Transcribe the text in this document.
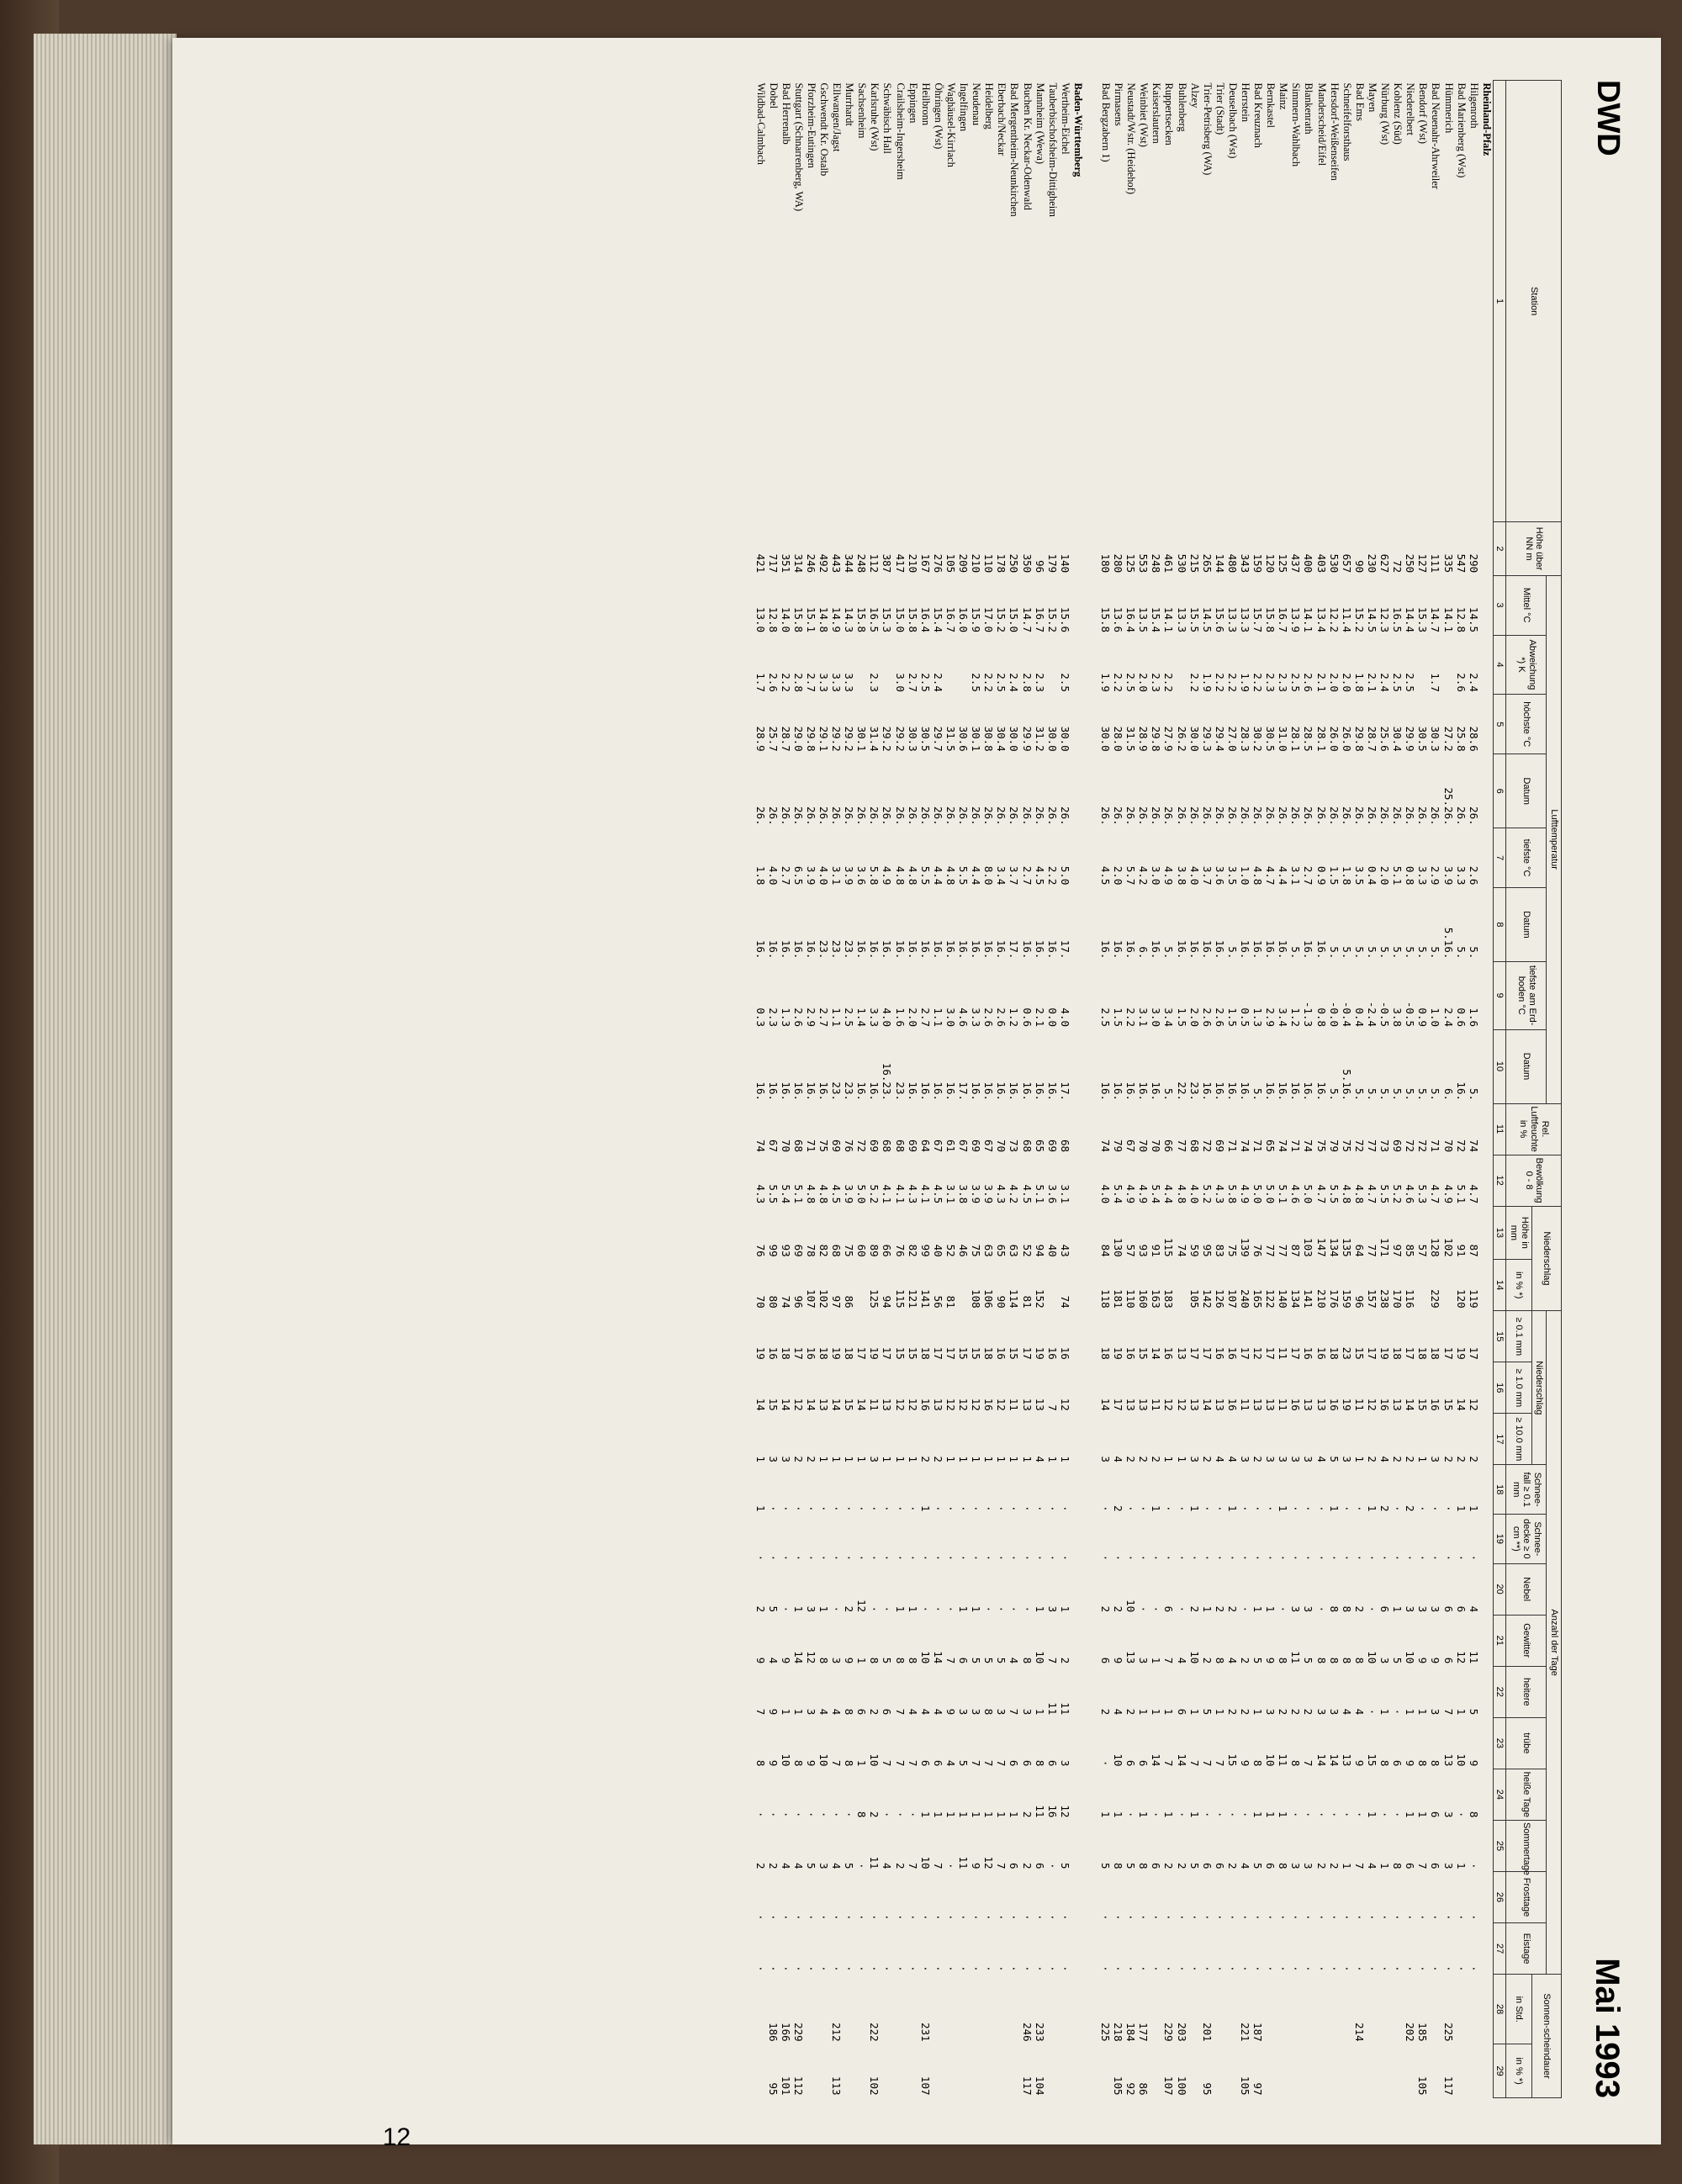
12
DWD
Mai 1993
Station	Höhe über NN m	Lufttemperatur								Rel. Luftfeuchte in %	Bewölkung 0 - 8	Niederschlag		Anzahl der Tage													Sonnen-scheindauer	
		Mittel °C	Abweichung *) K	höchste °C	Datum	tiefste °C	Datum	tiefste am Erd-boden °C	Datum					Niederschlag			Schnee-fall ≥ 0.1 mm	Schnee-decke ≥ 0 cm **)	Nebel	Gewitter	heitere	trübe	heiße Tage	Sommertage	Frosttage	Eistage		
												Höhe in mm	in % *)	≥ 0.1 mm	≥ 1.0 mm	≥ 10.0 mm											in Std.	in % *)
1	2	3	4	5	6	7	8	9	10	11	12	13	14	15	16	17	18	19	20	21	22	23	24	25	26	27	28	29
Rheinland-Pfalz																												
Hilgenroth	290	14.5	2.4	28.6	26.	2.6	5.	1.6	5.	74	4.7	87	119	17	12	2	1	·	4	11	5	9	8	·	·	·		
Bad Marienberg (Wst)	547	12.8	2.6	25.8	26.	3.3	5.	0.6	16.	72	5.1	91	120	19	14	2	1	·	6	12	1	10	·	1	·	·		
Hümmerich	335	14.1		27.2	25.26.	3.9	5.16.	2.4	6.	70	4.9	102		17	15	2	·	·	6	6	7	13	3	3	·	·	225	117
Bad Neuenahr-Ahrweiler	111	14.7	1.7	30.3	26.	2.9	5.	1.0	5.	71	4.7	128	229	18	16	3	·	·	3	9	3	8	6	6	·	·		
Bendorf (Wst)	127	15.3		30.5	26.	3.3	5.	0.9	5.	72	5.3	57		18	15	1	·	·	3	9	1	8	1	7	·	·	185	105
Niederelbert	250	14.4	2.5	29.9	26.	0.8	5.	-0.5	5.	72	4.6	85	116	17	14	2	2	·	3	10	1	9	1	6	·	·	202	
Koblenz (Süd)	72	16.5	2.5	30.4	26.	5.1	5.	3.8	5.	69	5.2	97	170	18	13	2	·	·	1	5	·	6	·	8	·	·		
Nürburg (Wst)	627	12.3	2.4	25.6	26.	2.0	5.	-0.5	5.	73	5.5	171	238	19	16	4	2	·	6	3	1	8	·	1	·	·		
Mayen	230	14.5	2.1	28.7	26.	0.4	5.	-2.4	5.	77	4.7	77	157	17	12	2	1	·	·	10	·	15	1	4	·	·		
Bad Ems	90	15.2	1.8	29.8	26.	3.5	5.	0.4	5.	72	4.8	64	96	15	11	1	·	·	2	8	4	9	·	7	·	·	214	
Schneifelforsthaus	657	11.4	2.0	26.0	26.	1.8	5.	-0.4	5.16.	75	4.8	135	159	23	19	3	·	·	8	8	4	13	·	1	·	·		
Hersdorf-Weißenseifen	530	12.2	2.0	26.0	26.	1.5	5.	-0.0	5.	79	5.5	134	176	18	16	5	1	·	8	8	3	14	·	2	·	·		
Manderscheid/Eifel	403	13.4	2.1	28.1	26.	0.9	16.	0.8	16.	75	4.7	147	210	16	13	4	·	·	·	8	3	14	·	2	·	·		
Blankenrath	400	14.1	2.6	28.5	26.	2.7	16.	-1.3	16.	74	5.0	103	141	16	13	3	·	·	3	5	2	7	·	3	·	·		
Simmern-Wahlbach	437	13.9	2.5	28.1	26.	3.1	5.	1.2	16.	71	4.6	87	134	17	16	3	·	·	3	11	2	8	·	3	·	·		
Mainz	125	16.7	2.3	31.0	26.	4.4	16.	3.4	16.	74	5.1	77	140	11	11	3	1	·	·	8	2	11	1	8	·	·		
Bernkastel	120	15.8	2.3	30.5	26.	4.7	16.	2.9	16.	65	5.0	77	122	17	13	3	·	·	1	9	3	10	1	6	·	·		
Bad Kreuznach	159	15.7	2.2	30.2	26.	4.8	16.	1.3	5.	71	5.0	76	165	12	13	2	·	·	1	5	1	8	1	5	·	·	187	97
Herrstein	343	13.3	1.9	28.3	26.	1.0	16.	0.5	16.	74	4.9	139	240	17	11	3	·	·	·	2	2	9	·	4	·	·	221	105
Deuselbach (Wst)	480	13.3	2.2	27.0	26.	3.5	5.	1.5	16.	71	5.8	75	107	16	16	4	1	·	2	4	2	15	·	2	·	·		
Trier (Stadt)	144	15.6	2.2	29.4	26.	3.6	16.	2.6	16.	69	4.3	83	126	16	13	4	·	·	2	8	1	7	·	6	·	·		
Trier-Petrisberg (WA)	265	14.5	1.9	29.3	26.	3.7	16.	2.6	16.	72	5.2	95	142	17	14	2	·	·	1	2	5	7	·	6	·	·	201	95
Alzey	215	15.5	2.2	30.0	26.	4.0	16.	2.0	23.	68	4.0	59	105	17	13	3	1	·	2	10	1	7	1	5	·	·		
Buhlenberg	530	13.3		26.2	26.	3.8	16.	1.5	22.	77	4.8	74		13	12	1	·	·	·	4	6	14	·	2	·	·	203	100
Ruppertsecken	461	14.1	2.2	27.9	26.	4.9	5.	3.4	5.	66	4.4	115	183	16	12	1	·	·	6	7	1	7	1	2	·	·	229	107
Kaiserslautern	248	15.4	2.3	29.8	26.	3.0	16.	3.0	16.	70	5.4	91	163	14	11	2	1	·	·	1	1	14	·	6	·	·		
Weinbiet (Wst)	553	13.5	2.0	28.9	26.	4.2	6.	3.1	16.	70	4.9	93	160	15	13	2	·	·	·	3	1	6	1	8	·	·	177	86
Neustadt/Wstr. (Heidehof)	125	16.4	2.5	31.5	26.	5.7	16.	2.2	16.	67	4.9	57	110	16	13	2	·	·	10	13	2	6	·	5	·	·	184	92
Pirmasens	280	13.6	2.2	28.0	26.	2.0	16.	1.5	16.	79	5.4	130	181	19	17	4	2	·	2	9	4	10	1	8	·	·	218	105
Bad Bergzabern 1)	180	15.8	1.9	30.0	26.	4.5	16.	2.5	16.	74	4.0	84	118	18	14	3	·	·	2	6	2	·	1	5	·	·	225	

Baden-Württemberg																												
Wertheim-Eichel	140	15.6	2.5	30.0	26.	5.0	17.	4.0	17.	68	3.1	43	74	16	12	1	·	·	1	2	11	3	12	5	·	·		
Tauberbischofsheim-Dittigheim	179	15.2		30.0	26.	2.2	16.	0.0	16.	69	3.6	40		16	7	1	·	·	3	7	11	6	16	·	·	·		
Mannheim (Wewa)	96	16.7	2.3	31.2	26.	4.5	16.	2.1	16.	65	5.1	94	152	19	13	4	·	·	1	10	1	8	11	6	·	·	233	104
Buchen Kr. Neckar-Odenwald	350	14.7	2.8	29.9	26.	2.7	16.	0.6	16.	68	4.5	52	81	17	13	1	·	·	·	8	3	6	2	2	·	·	246	117
Bad Mergentheim-Neunkirchen	250	15.0	2.4	30.0	26.	3.7	17.	1.2	16.	73	4.2	63	114	15	11	1	·	·	·	4	7	6	1	6	·	·		
Eberbach/Neckar	178	15.2	2.5	30.4	26.	3.4	16.	2.6	16.	70	4.3	65	90	16	12	1	·	·	·	5	3	7	1	7	·	·		
Heidelberg	110	17.0	2.2	30.8	26.	8.0	16.	2.6	16.	67	3.9	63	106	18	16	1	·	·	·	5	8	7	1	12	·	·		
Neudenau	210	15.9	2.5	30.1	26.	4.4	16.	3.3	16.	69	3.9	75	108	15	12	1	·	·	1	5	3	7	1	9	·	·		
Ingelfingen	209	16.0		30.6	26.	5.5	16.	4.6	17.	67	3.8	46		15	12	1	·	·	1	6	3	5	1	11	·	·		
Waghäusel-Kirrlach	105	16.7		31.5	26.	4.8	16.	3.0	16.	61	3.1	52	81	17	12	1	·	·	·	7	9	4	1	·	·	·		
Öhringen (Wst)	276	15.4	2.4	29.7	26.	4.4	16.	1.1	16.	67	4.5	40	56	17	13	2	·	·	·	14	4	6	1	7	·	·		
Heilbronn	167	16.4	2.5	30.5	26.	5.5	16.	2.7	16.	64	4.1	99	141	18	16	2	1	·	·	10	4	6	1	10	·	·	231	107
Eppingen	210	15.8	2.7	30.3	26.	4.8	16.	2.0	16.	69	4.3	82	121	15	12	1	·	·	1	8	4	7	·	7	·	·		
Crailsheim-Ingersheim	417	15.0	3.0	29.2	26.	4.8	16.	1.6	23.	68	4.1	76	115	15	12	1	·	·	1	8	7	7	·	2	·	·		
Schwäbisch Hall	387	15.3		29.2	26.	4.9	16.	4.0	16.23.	68	4.1	66	94	17	13	1	·	·	·	5	6	7	·	4	·	·		
Karlsruhe (Wst)	112	16.5	2.3	31.4	26.	5.8	16.	3.3	16.	69	5.2	89	125	19	11	3	·	·	·	8	2	10	2	11	·	·	222	102
Sachsenheim	248	15.8		30.1	26.	3.6	16.	1.4	16.	72	5.0	60		17	14	1	·	·	12	1	6	1	8	·	·	·		
Murrhardt	344	14.3	3.3	29.2	26.	3.9	23.	2.5	23.	76	3.9	75	86	18	15	1	·	·	2	9	8	8	·	5	·	·		
Ellwangen/Jagst	443	14.9	3.3	29.2	26.	3.1	23.	1.1	23.	69	4.5	68	97	19	14	1	·	·	·	3	4	7	·	4	·	·	212	113
Gschwendt Kr. Ostalb	492	14.8	3.3	29.1	26.	4.0	23.	2.7	16.	75	4.8	82	102	18	13	1	·	·	1	8	4	10	·	3	·	·		
Pforzheim-Eutingen	246	15.1	2.7	29.8	26.	3.9	16.	2.9	16.	71	4.8	78	107	16	14	2	·	·	3	12	3	9	·	5	·	·		
Stuttgart (Schnarrenberg, WA)	314	15.8	2.8	29.0	26.	6.5	16.	2.6	16.	68	5.1	69	96	17	12	2	·	·	1	14	1	8	·	4	·	·	229	112
Bad Herrenalb	351	14.0	2.2	28.7	26.	2.7	16.	1.3	16.	70	5.4	93	74	18	14	3	·	·	·	9	1	10	·	4	·	·	166	101
Dobel	717	12.8	2.6	25.7	26.	4.0	16.	2.3	16.	67	5.5	99	80	16	15	3	·	·	5	4	9	9	·	2	·	·	186	95
Wildbad-Calmbach	421	13.0	1.7	28.9	26.	1.8	16.	0.3	16.	74	4.3	76	70	19	14	1	1	·	2	9	7	8	·	2	·	·		
